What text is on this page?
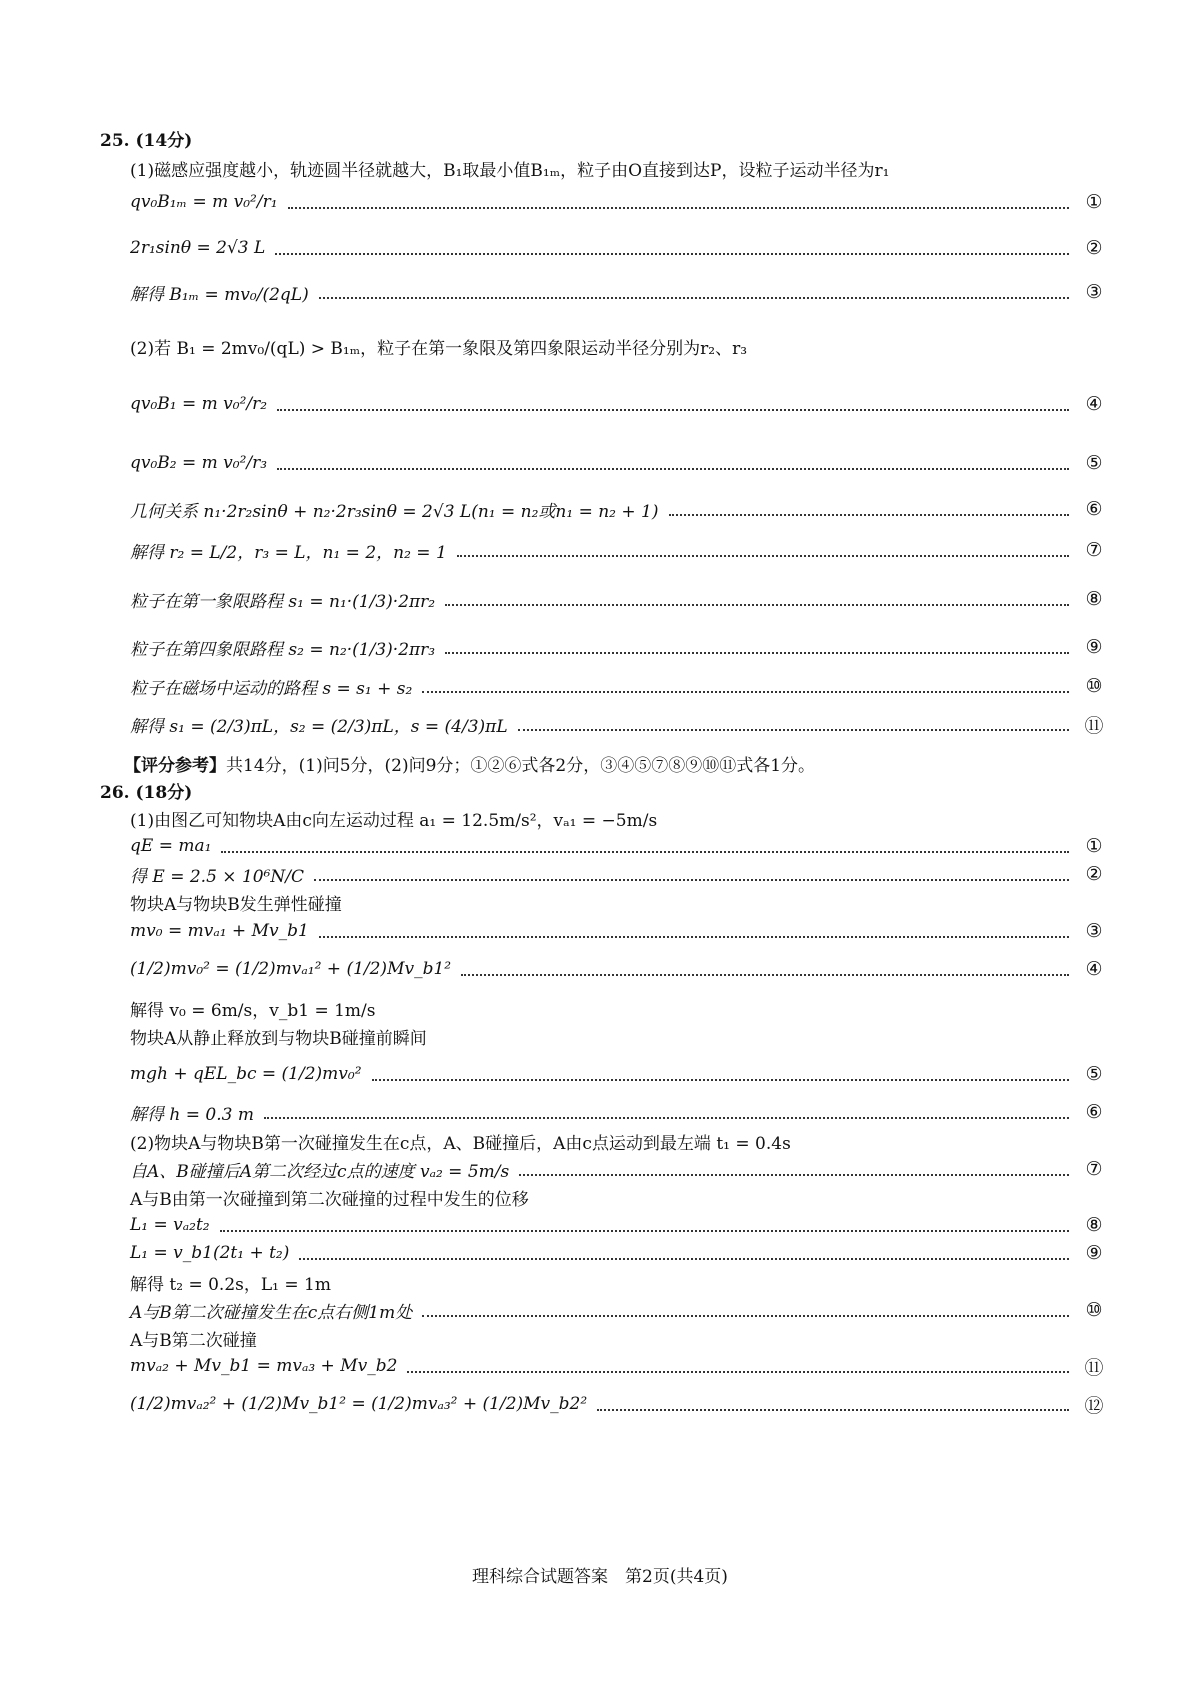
25. (14分)
(1)磁感应强度越小，轨迹圆半径就越大，B₁取最小值B₁ₘ，粒子由O直接到达P，设粒子运动半径为r₁
qv₀B₁ₘ = m v₀²/r₁	①
2r₁sinθ = 2√3 L	②
解得 B₁ₘ = mv₀/(2qL)	③
(2)若 B₁ = 2mv₀/(qL) > B₁ₘ，粒子在第一象限及第四象限运动半径分别为r₂、r₃
qv₀B₁ = m v₀²/r₂	④
qv₀B₂ = m v₀²/r₃	⑤
几何关系 n₁·2r₂sinθ + n₂·2r₃sinθ = 2√3 L(n₁ = n₂或n₁ = n₂ + 1)	⑥
解得 r₂ = L/2，r₃ = L，n₁ = 2，n₂ = 1	⑦
粒子在第一象限路程 s₁ = n₁·(1/3)·2πr₂	⑧
粒子在第四象限路程 s₂ = n₂·(1/3)·2πr₃	⑨
粒子在磁场中运动的路程 s = s₁ + s₂	⑩
解得 s₁ = (2/3)πL，s₂ = (2/3)πL，s = (4/3)πL	⑪
【评分参考】 共14分，(1)问5分，(2)问9分；①②⑥式各2分，③④⑤⑦⑧⑨⑩⑪式各1分。
26. (18分)
(1)由图乙可知物块A由c向左运动过程 a₁ = 12.5m/s²，vₐ₁ = −5m/s
qE = ma₁	①
得 E = 2.5 × 10⁶N/C	②
物块A与物块B发生弹性碰撞
mv₀ = mvₐ₁ + Mv_b1	③
(1/2)mv₀² = (1/2)mvₐ₁² + (1/2)Mv_b1²	④
解得 v₀ = 6m/s，v_b1 = 1m/s
物块A从静止释放到与物块B碰撞前瞬间
mgh + qEL_bc = (1/2)mv₀²	⑤
解得 h = 0.3 m	⑥
(2)物块A与物块B第一次碰撞发生在c点，A、B碰撞后，A由c点运动到最左端 t₁ = 0.4s
自A、B碰撞后A第二次经过c点的速度 vₐ₂ = 5m/s	⑦
A与B由第一次碰撞到第二次碰撞的过程中发生的位移
L₁ = vₐ₂t₂	⑧
L₁ = v_b1(2t₁ + t₂)	⑨
解得 t₂ = 0.2s，L₁ = 1m
A与B第二次碰撞发生在c点右侧1m处	⑩
A与B第二次碰撞
mvₐ₂ + Mv_b1 = mvₐ₃ + Mv_b2	⑪
(1/2)mvₐ₂² + (1/2)Mv_b1² = (1/2)mvₐ₃² + (1/2)Mv_b2²	⑫
理科综合试题答案　第2页(共4页)
